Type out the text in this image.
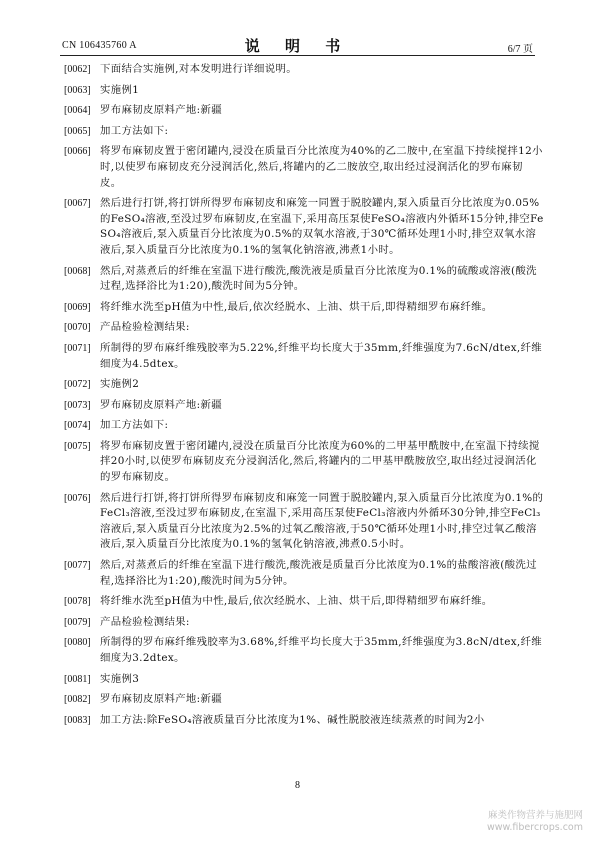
CN 106435760 A	说 明 书	6/7 页
[0062] 下面结合实施例,对本发明进行详细说明。
[0063] 实施例1
[0064] 罗布麻韧皮原料产地:新疆
[0065] 加工方法如下:
[0066] 将罗布麻韧皮置于密闭罐内,浸没在质量百分比浓度为40%的乙二胺中,在室温下持续搅拌12小时,以使罗布麻韧皮充分浸润活化,然后,将罐内的乙二胺放空,取出经过浸润活化的罗布麻韧皮。
[0067] 然后进行打饼,将打饼所得罗布麻韧皮和麻笼一同置于脱胶罐内,泵入质量百分比浓度为0.05%的FeSO₄溶液,至没过罗布麻韧皮,在室温下,采用高压泵使FeSO₄溶液内外循环15分钟,排空FeSO₄溶液后,泵入质量百分比浓度为0.5%的双氧水溶液,于30℃循环处理1小时,排空双氧水溶液后,泵入质量百分比浓度为0.1%的氢氧化钠溶液,沸煮1小时。
[0068] 然后,对蒸煮后的纤维在室温下进行酸洗,酸洗液是质量百分比浓度为0.1%的硫酸或溶液(酸洗过程,选择浴比为1:20),酸洗时间为5分钟。
[0069] 将纤维水洗至pH值为中性,最后,依次经脱水、上油、烘干后,即得精细罗布麻纤维。
[0070] 产品检验检测结果:
[0071] 所制得的罗布麻纤维残胶率为5.22%,纤维平均长度大于35mm,纤维强度为7.6cN/dtex,纤维细度为4.5dtex。
[0072] 实施例2
[0073] 罗布麻韧皮原料产地:新疆
[0074] 加工方法如下:
[0075] 将罗布麻韧皮置于密闭罐内,浸没在质量百分比浓度为60%的二甲基甲酰胺中,在室温下持续搅拌20小时,以使罗布麻韧皮充分浸润活化,然后,将罐内的二甲基甲酰胺放空,取出经过浸润活化的罗布麻韧皮。
[0076] 然后进行打饼,将打饼所得罗布麻韧皮和麻笼一同置于脱胶罐内,泵入质量百分比浓度为0.1%的FeCl₃溶液,至没过罗布麻韧皮,在室温下,采用高压泵使FeCl₃溶液内外循环30分钟,排空FeCl₃溶液后,泵入质量百分比浓度为2.5%的过氧乙酸溶液,于50℃循环处理1小时,排空过氧乙酸溶液后,泵入质量百分比浓度为0.1%的氢氧化钠溶液,沸煮0.5小时。
[0077] 然后,对蒸煮后的纤维在室温下进行酸洗,酸洗液是质量百分比浓度为0.1%的盐酸溶液(酸洗过程,选择浴比为1:20),酸洗时间为5分钟。
[0078] 将纤维水洗至pH值为中性,最后,依次经脱水、上油、烘干后,即得精细罗布麻纤维。
[0079] 产品检验检测结果:
[0080] 所制得的罗布麻纤维残胶率为3.68%,纤维平均长度大于35mm,纤维强度为3.8cN/dtex,纤维细度为3.2dtex。
[0081] 实施例3
[0082] 罗布麻韧皮原料产地:新疆
[0083] 加工方法:除FeSO₄溶液质量百分比浓度为1%、碱性脱胶液连续蒸煮的时间为2小
8
麻类作物营养与施肥网
www.fibercrops.com
